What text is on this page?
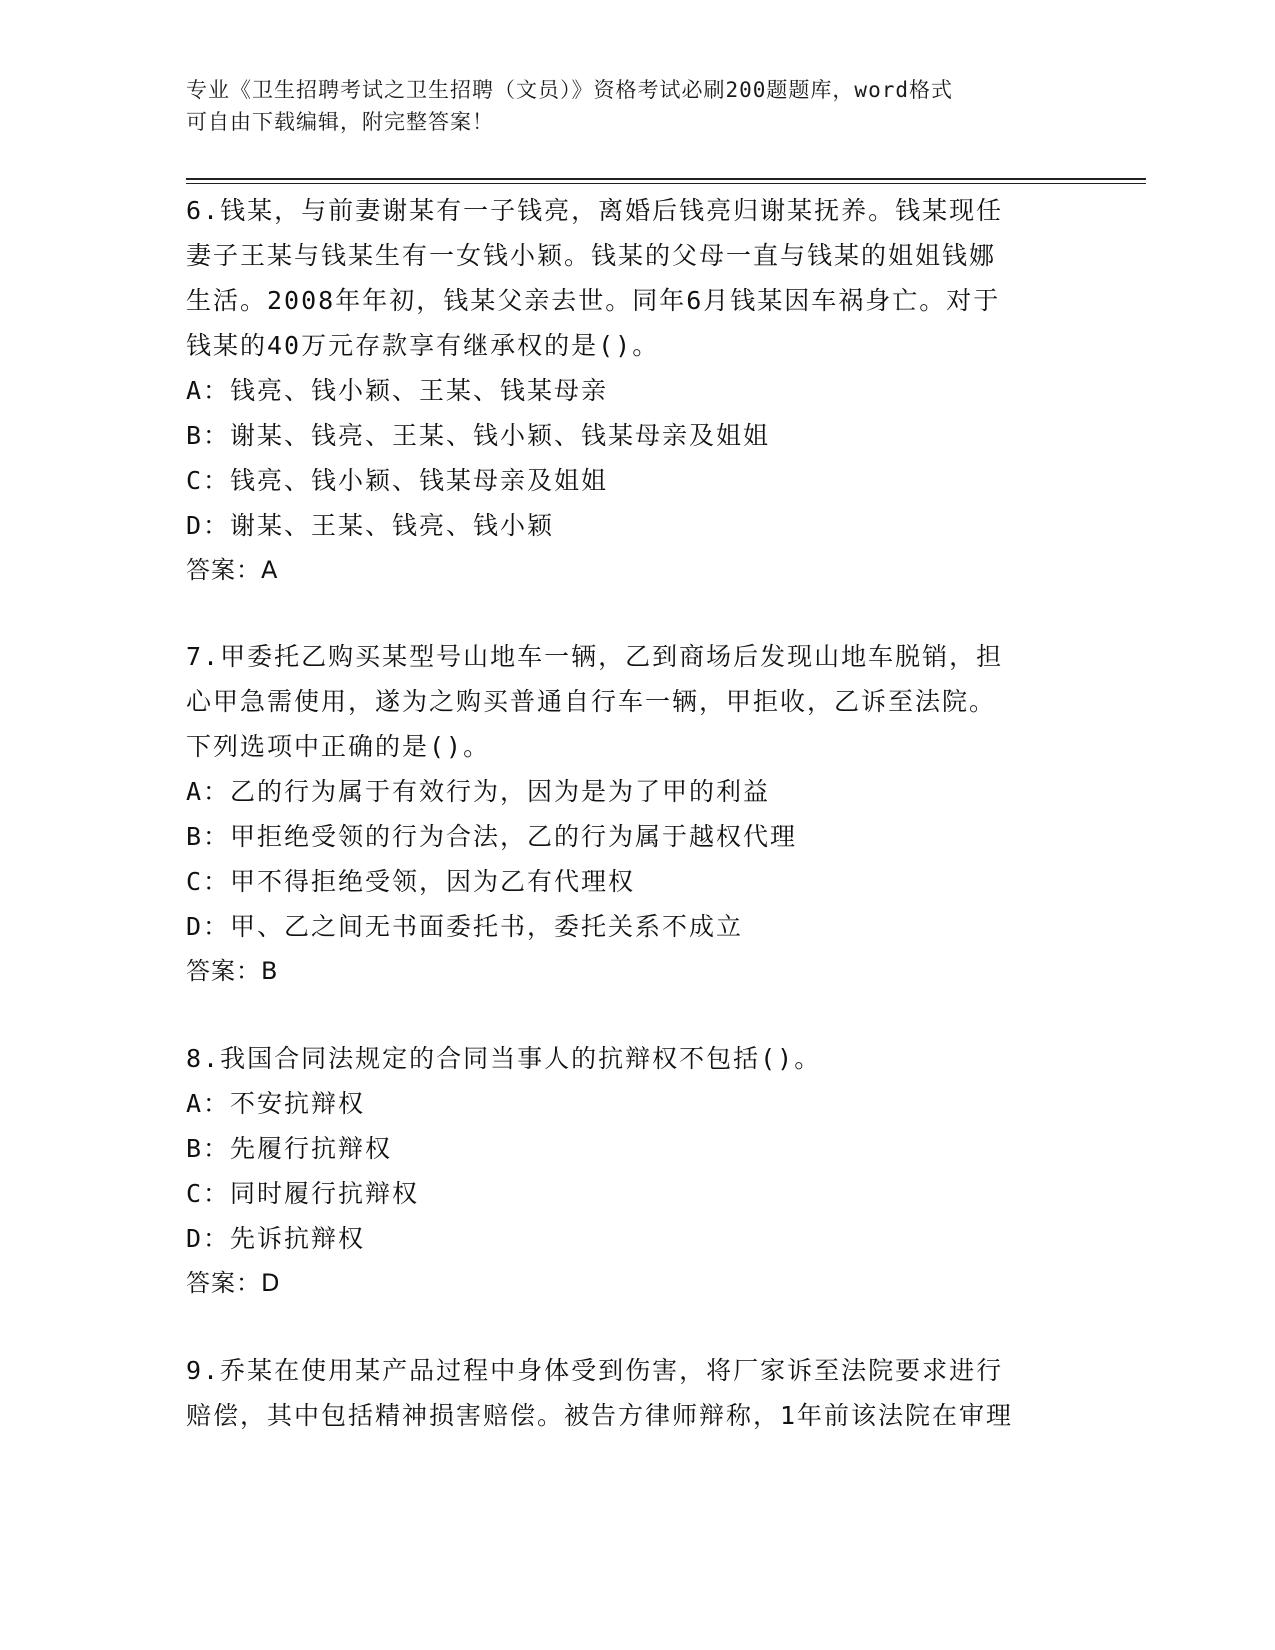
专业《卫生招聘考试之卫生招聘（文员）》资格考试必刷200题题库，word格式
可自由下载编辑，附完整答案！
6.钱某，与前妻谢某有一子钱亮，离婚后钱亮归谢某抚养。钱某现任
妻子王某与钱某生有一女钱小颖。钱某的父母一直与钱某的姐姐钱娜
生活。2008年年初，钱某父亲去世。同年6月钱某因车祸身亡。对于
钱某的40万元存款享有继承权的是()。
A：钱亮、钱小颖、王某、钱某母亲
B：谢某、钱亮、王某、钱小颖、钱某母亲及姐姐
C：钱亮、钱小颖、钱某母亲及姐姐
D：谢某、王某、钱亮、钱小颖
答案：A
7.甲委托乙购买某型号山地车一辆，乙到商场后发现山地车脱销，担
心甲急需使用，遂为之购买普通自行车一辆，甲拒收，乙诉至法院。
下列选项中正确的是()。
A：乙的行为属于有效行为，因为是为了甲的利益
B：甲拒绝受领的行为合法，乙的行为属于越权代理
C：甲不得拒绝受领，因为乙有代理权
D：甲、乙之间无书面委托书，委托关系不成立
答案：B
8.我国合同法规定的合同当事人的抗辩权不包括()。
A：不安抗辩权
B：先履行抗辩权
C：同时履行抗辩权
D：先诉抗辩权
答案：D
9.乔某在使用某产品过程中身体受到伤害，将厂家诉至法院要求进行
赔偿，其中包括精神损害赔偿。被告方律师辩称，1年前该法院在审理
